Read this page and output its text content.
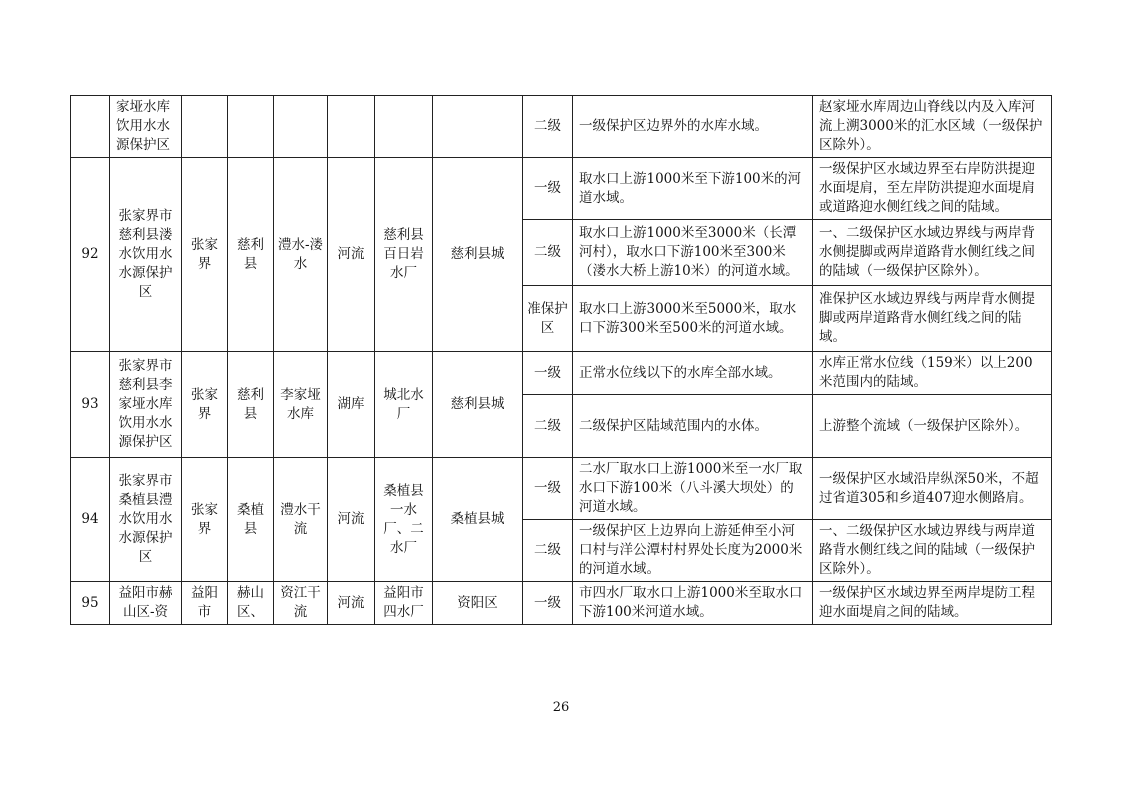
	家垭水库饮用水水源保护区							二级	一级保护区边界外的水库水域。	赵家垭水库周边山脊线以内及入库河流上溯3000米的汇水区域（一级保护区除外）。
92	张家界市慈利县溇水饮用水水源保护区	张家界	慈利县	澧水-溇水	河流	慈利县百日岩水厂	慈利县城	一级	取水口上游1000米至下游100米的河道水域。	一级保护区水域边界至右岸防洪提迎水面堤肩，至左岸防洪提迎水面堤肩或道路迎水侧红线之间的陆域。
								二级	取水口上游1000米至3000米（长潭河村），取水口下游100米至300米（溇水大桥上游10米）的河道水域。	一、二级保护区水域边界线与两岸背水侧提脚或两岸道路背水侧红线之间的陆域（一级保护区除外）。
								准保护区	取水口上游3000米至5000米，取水口下游300米至500米的河道水域。	准保护区水域边界线与两岸背水侧提脚或两岸道路背水侧红线之间的陆域。
93	张家界市慈利县李家垭水库饮用水水源保护区	张家界	慈利县	李家垭水库	湖库	城北水厂	慈利县城	一级	正常水位线以下的水库全部水域。	水库正常水位线（159米）以上200米范围内的陆域。
								二级	二级保护区陆域范围内的水体。	上游整个流域（一级保护区除外）。
94	张家界市桑植县澧水饮用水水源保护区	张家界	桑植县	澧水干流	河流	桑植县一水厂、二水厂	桑植县城	一级	二水厂取水口上游1000米至一水厂取水口下游100米（八斗溪大坝处）的河道水域。	一级保护区水域沿岸纵深50米，不超过省道305和乡道407迎水侧路肩。
								二级	一级保护区上边界向上游延伸至小河口村与洋公潭村村界处长度为2000米的河道水域。	一、二级保护区水域边界线与两岸道路背水侧红线之间的陆域（一级保护区除外）。
95	益阳市赫山区-资	益阳市	赫山区、	资江干流	河流	益阳市四水厂	资阳区	一级	市四水厂取水口上游1000米至取水口下游100米河道水域。	一级保护区水域边界至两岸堤防工程迎水面堤肩之间的陆域。
26
